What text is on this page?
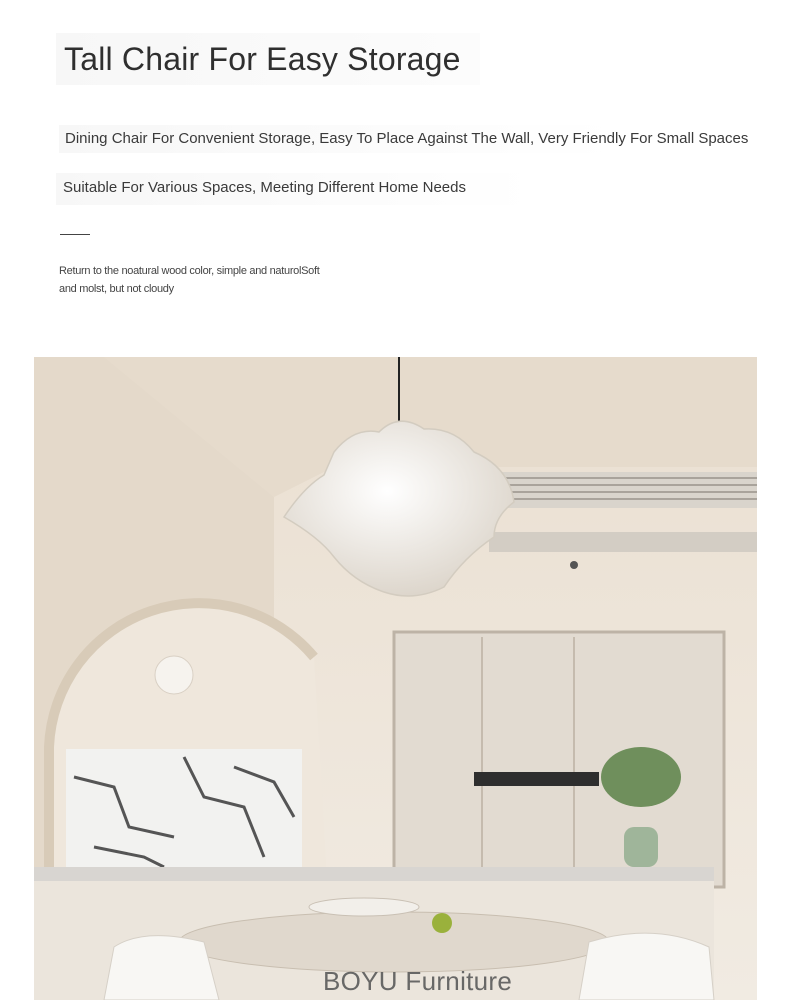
Tall Chair For Easy Storage
Dining Chair For Convenient Storage, Easy To Place Against The Wall, Very Friendly For Small Spaces
Suitable For Various Spaces, Meeting Different Home Needs
Return to the noatural wood color, simple and naturolSoft
and molst, but not cloudy
BOYU Furniture
